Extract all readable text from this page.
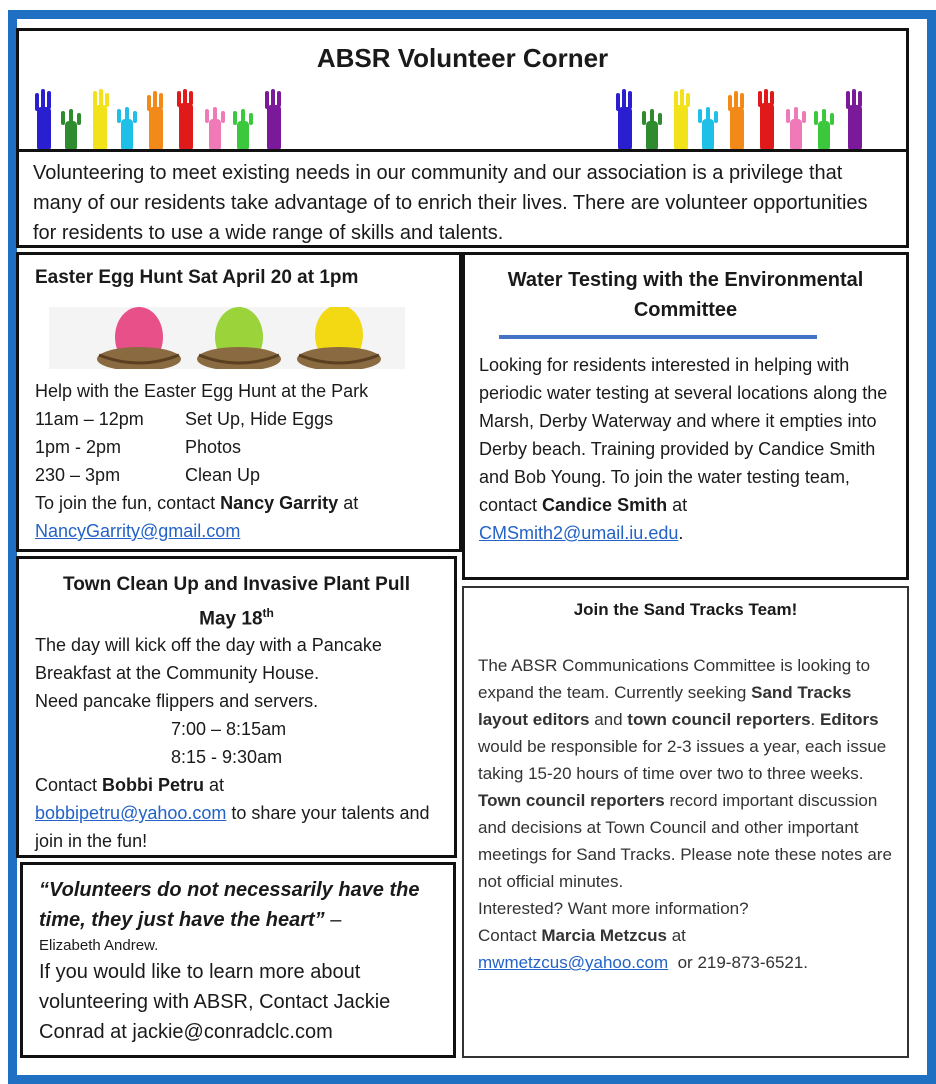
ABSR Volunteer Corner
Volunteering to meet existing needs in our community and our association is a privilege that many of our residents take advantage of to enrich their lives. There are volunteer opportunities for residents to use a wide range of skills and talents.
Easter Egg Hunt Sat April 20 at 1pm
Help with the Easter Egg Hunt at the Park
11am – 12pm	Set Up, Hide Eggs
1pm - 2pm	Photos
230 – 3pm	Clean Up
To join the fun, contact Nancy Garrity at
NancyGarrity@gmail.com
Water Testing with the Environmental Committee
Looking for residents interested in helping with periodic water testing at several locations along the Marsh, Derby Waterway and where it empties into Derby beach. Training provided by Candice Smith and Bob Young. To join the water testing team, contact Candice Smith at
CMSmith2@umail.iu.edu.
Town Clean Up and Invasive Plant Pull
May 18th
The day will kick off the day with a Pancake Breakfast at the Community House.
Need pancake flippers and servers.
7:00 – 8:15am
8:15 - 9:30am
Contact Bobbi Petru at
bobbipetru@yahoo.com to share your talents and join in the fun!
“Volunteers do not necessarily have the time, they just have the heart” –
Elizabeth Andrew.
If you would like to learn more about volunteering with ABSR, Contact Jackie Conrad at jackie@conradclc.com
Join the Sand Tracks Team!
The ABSR Communications Committee is looking to expand the team. Currently seeking Sand Tracks layout editors and town council reporters. Editors would be responsible for 2-3 issues a year, each issue taking 15-20 hours of time over two to three weeks. Town council reporters record important discussion and decisions at Town Council and other important meetings for Sand Tracks. Please note these notes are not official minutes.
Interested? Want more information?
Contact Marcia Metzcus at
mwmetzcus@yahoo.com  or 219-873-6521.
